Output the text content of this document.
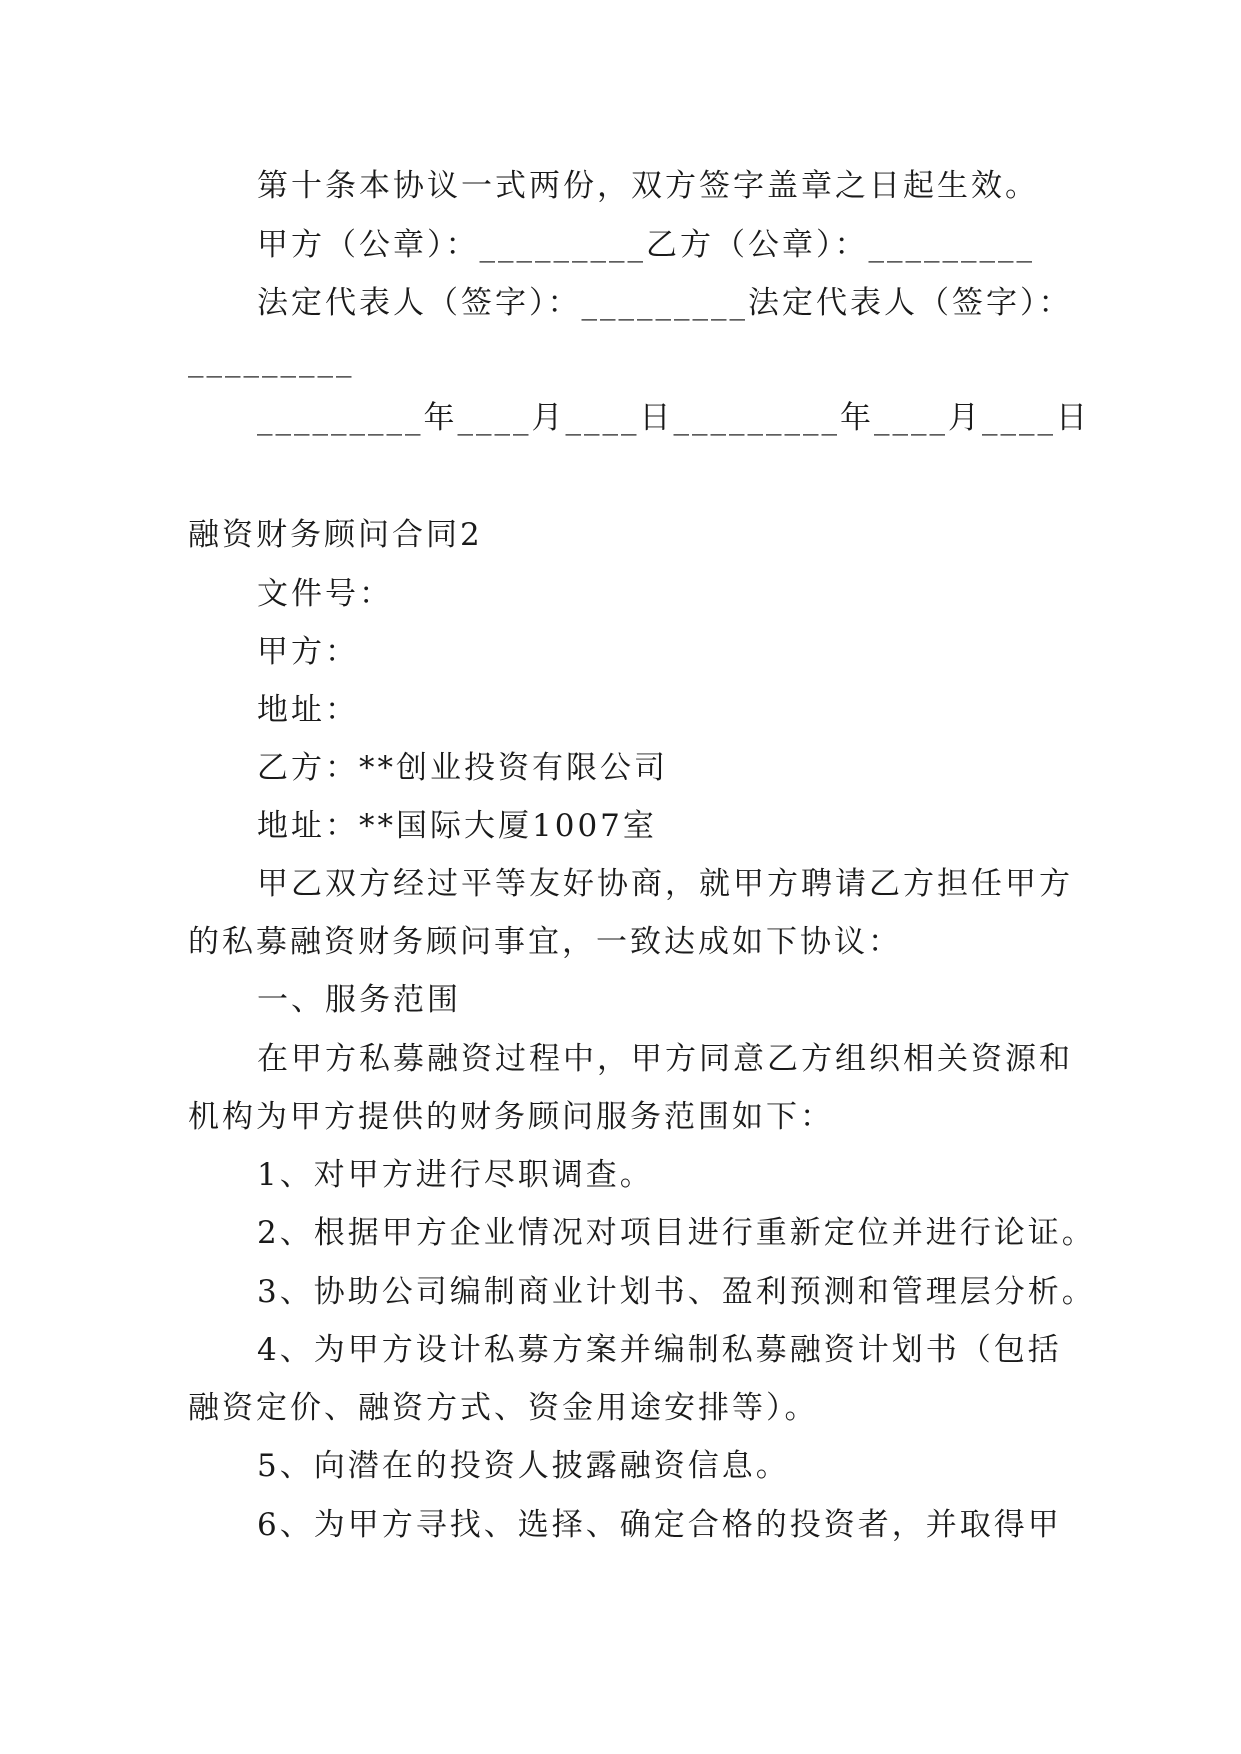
第十条本协议一式两份，双方签字盖章之日起生效。
甲方（公章）：_________乙方（公章）：_________
法定代表人（签字）：_________法定代表人（签字）：
_________
_________年____月____日_________年____月____日
融资财务顾问合同2
文件号：
甲方：
地址：
乙方：**创业投资有限公司
地址：**国际大厦1007室
甲乙双方经过平等友好协商，就甲方聘请乙方担任甲方
的私募融资财务顾问事宜，一致达成如下协议：
一、服务范围
在甲方私募融资过程中，甲方同意乙方组织相关资源和
机构为甲方提供的财务顾问服务范围如下：
1、对甲方进行尽职调查。
2、根据甲方企业情况对项目进行重新定位并进行论证。
3、协助公司编制商业计划书、盈利预测和管理层分析。
4、为甲方设计私募方案并编制私募融资计划书（包括
融资定价、融资方式、资金用途安排等）。
5、向潜在的投资人披露融资信息。
6、为甲方寻找、选择、确定合格的投资者，并取得甲
